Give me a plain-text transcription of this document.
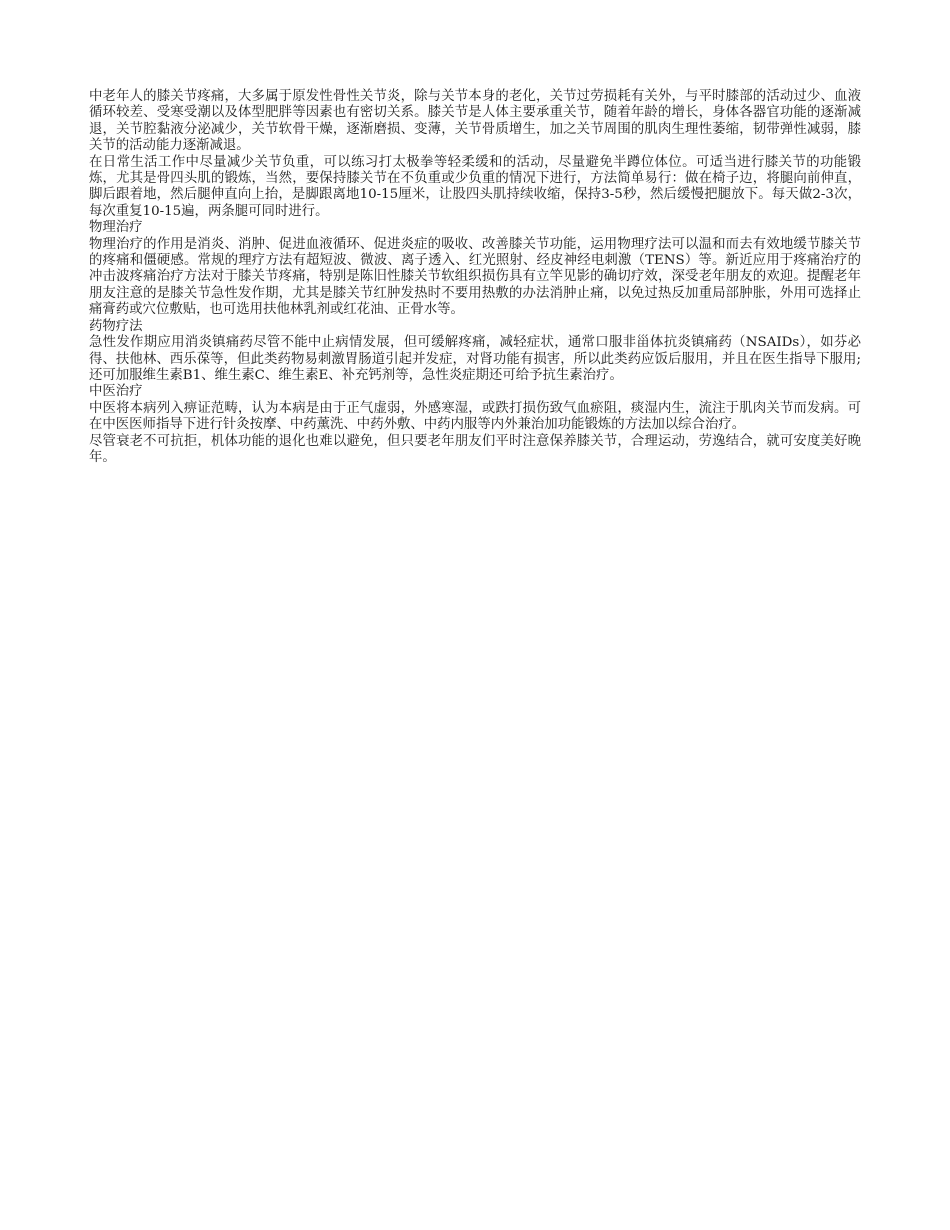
中老年人的膝关节疼痛，大多属于原发性骨性关节炎，除与关节本身的老化，关节过劳损耗有关外，与平时膝部的活动过少、血液循环较差、受寒受潮以及体型肥胖等因素也有密切关系。膝关节是人体主要承重关节，随着年龄的增长，身体各器官功能的逐渐减退，关节腔黏液分泌减少，关节软骨干燥，逐渐磨损、变薄，关节骨质增生，加之关节周围的肌肉生理性萎缩，韧带弹性减弱，膝关节的活动能力逐渐减退。

在日常生活工作中尽量减少关节负重，可以练习打太极拳等轻柔缓和的活动，尽量避免半蹲位体位。可适当进行膝关节的功能锻炼，尤其是骨四头肌的锻炼，当然，要保持膝关节在不负重或少负重的情况下进行，方法简单易行：做在椅子边，将腿向前伸直，脚后跟着地，然后腿伸直向上抬，是脚跟离地10-15厘米，让股四头肌持续收缩，保持3-5秒，然后缓慢把腿放下。每天做2-3次，每次重复10-15遍，两条腿可同时进行。

物理治疗

物理治疗的作用是消炎、消肿、促进血液循环、促进炎症的吸收、改善膝关节功能，运用物理疗法可以温和而去有效地缓节膝关节的疼痛和僵硬感。常规的理疗方法有超短波、微波、离子透入、红光照射、经皮神经电刺激（TENS）等。新近应用于疼痛治疗的冲击波疼痛治疗方法对于膝关节疼痛，特别是陈旧性膝关节软组织损伤具有立竿见影的确切疗效，深受老年朋友的欢迎。提醒老年朋友注意的是膝关节急性发作期，尤其是膝关节红肿发热时不要用热敷的办法消肿止痛，以免过热反加重局部肿胀，外用可选择止痛膏药或穴位敷贴，也可选用扶他林乳剂或红花油、正骨水等。

药物疗法

急性发作期应用消炎镇痛药尽管不能中止病情发展，但可缓解疼痛，减轻症状，通常口服非甾体抗炎镇痛药（NSAIDs），如芬必得、扶他林、西乐葆等，但此类药物易刺激胃肠道引起并发症，对肾功能有损害，所以此类药应饭后服用，并且在医生指导下服用;还可加服维生素B1、维生素C、维生素E、补充钙剂等，急性炎症期还可给予抗生素治疗。

中医治疗

中医将本病列入痹证范畴，认为本病是由于正气虚弱，外感寒湿，或跌打损伤致气血瘀阻，痰湿内生，流注于肌肉关节而发病。可在中医医师指导下进行针灸按摩、中药薰洗、中药外敷、中药内服等内外兼治加功能锻炼的方法加以综合治疗。

尽管衰老不可抗拒，机体功能的退化也难以避免，但只要老年朋友们平时注意保养膝关节，合理运动，劳逸结合，就可安度美好晚年。
